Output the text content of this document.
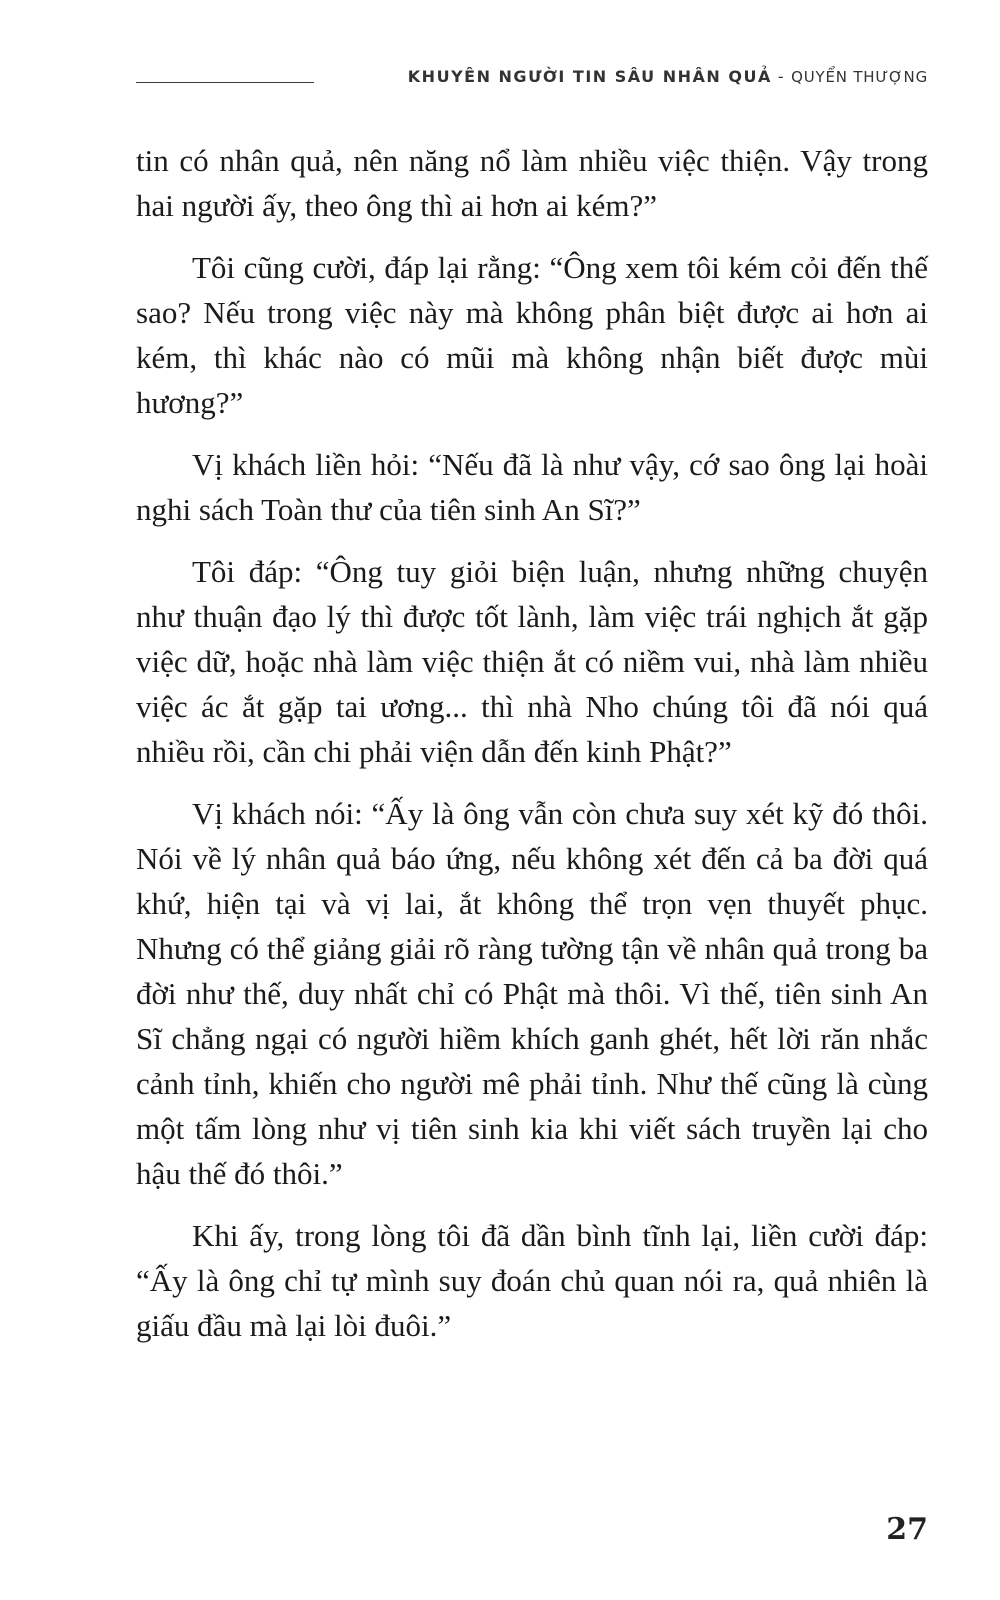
KHUYÊN NGƯỜI TIN SÂU NHÂN QUẢ - QUYỂN THƯỢNG

tin có nhân quả, nên năng nổ làm nhiều việc thiện. Vậy trong hai người ấy, theo ông thì ai hơn ai kém?”

Tôi cũng cười, đáp lại rằng: “Ông xem tôi kém cỏi đến thế sao? Nếu trong việc này mà không phân biệt được ai hơn ai kém, thì khác nào có mũi mà không nhận biết được mùi hương?”

Vị khách liền hỏi: “Nếu đã là như vậy, cớ sao ông lại hoài nghi sách Toàn thư của tiên sinh An Sĩ?”

Tôi đáp: “Ông tuy giỏi biện luận, nhưng những chuyện như thuận đạo lý thì được tốt lành, làm việc trái nghịch ắt gặp việc dữ, hoặc nhà làm việc thiện ắt có niềm vui, nhà làm nhiều việc ác ắt gặp tai ương... thì nhà Nho chúng tôi đã nói quá nhiều rồi, cần chi phải viện dẫn đến kinh Phật?”

Vị khách nói: “Ấy là ông vẫn còn chưa suy xét kỹ đó thôi. Nói về lý nhân quả báo ứng, nếu không xét đến cả ba đời quá khứ, hiện tại và vị lai, ắt không thể trọn vẹn thuyết phục. Nhưng có thể giảng giải rõ ràng tường tận về nhân quả trong ba đời như thế, duy nhất chỉ có Phật mà thôi. Vì thế, tiên sinh An Sĩ chẳng ngại có người hiềm khích ganh ghét, hết lời răn nhắc cảnh tỉnh, khiến cho người mê phải tỉnh. Như thế cũng là cùng một tấm lòng như vị tiên sinh kia khi viết sách truyền lại cho hậu thế đó thôi.”

Khi ấy, trong lòng tôi đã dần bình tĩnh lại, liền cười đáp: “Ấy là ông chỉ tự mình suy đoán chủ quan nói ra, quả nhiên là giấu đầu mà lại lòi đuôi.”

27
